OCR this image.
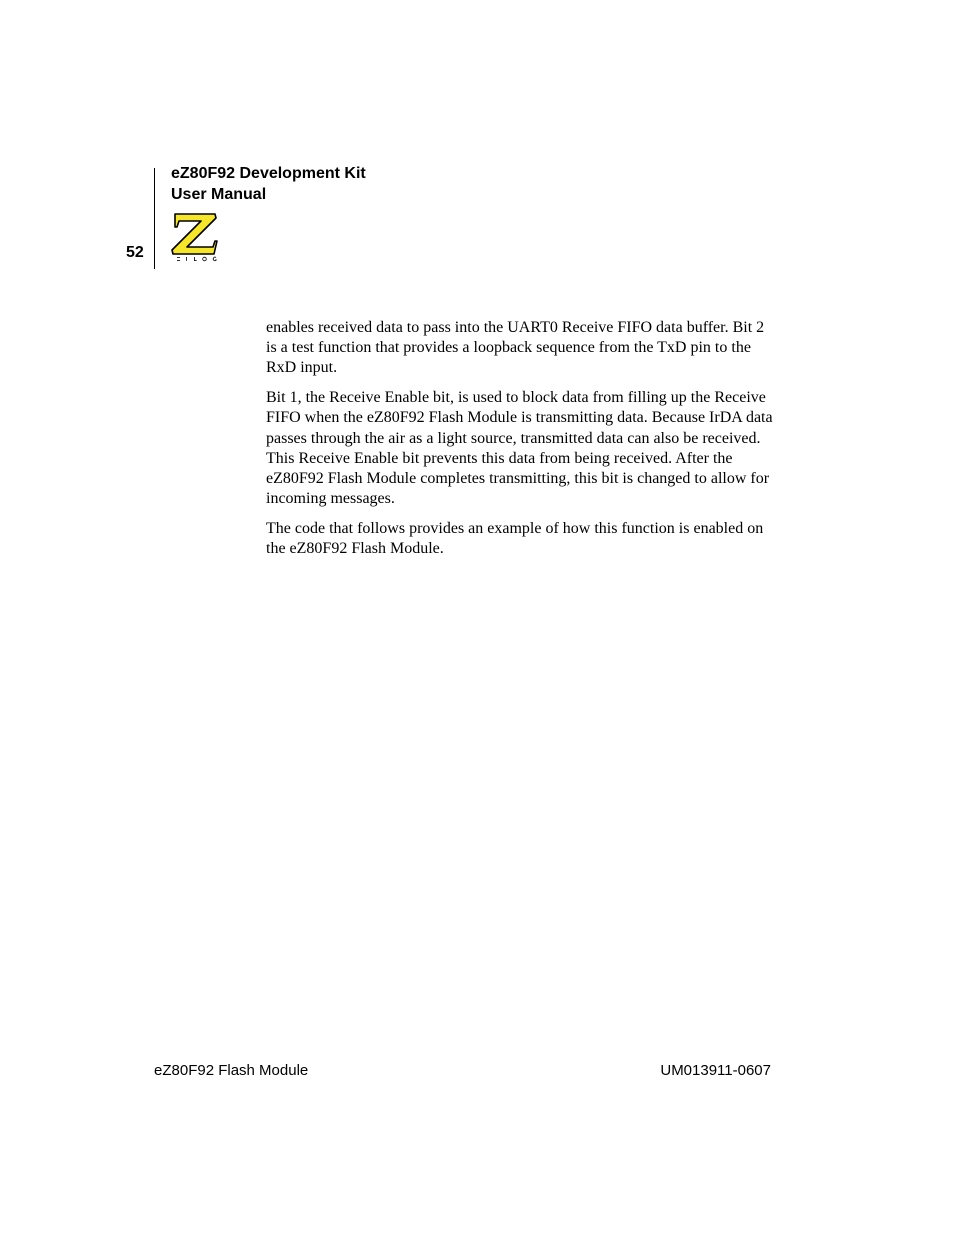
eZ80F92 Development Kit
User Manual
52

enables received data to pass into the UART0 Receive FIFO data buffer. Bit 2 is a test function that provides a loopback sequence from the TxD pin to the RxD input.

Bit 1, the Receive Enable bit, is used to block data from filling up the Receive FIFO when the eZ80F92 Flash Module is transmitting data. Because IrDA data passes through the air as a light source, transmitted data can also be received. This Receive Enable bit prevents this data from being received. After the eZ80F92 Flash Module completes transmitting, this bit is changed to allow for incoming messages.

The code that follows provides an example of how this function is enabled on the eZ80F92 Flash Module.

eZ80F92 Flash Module	UM013911-0607
